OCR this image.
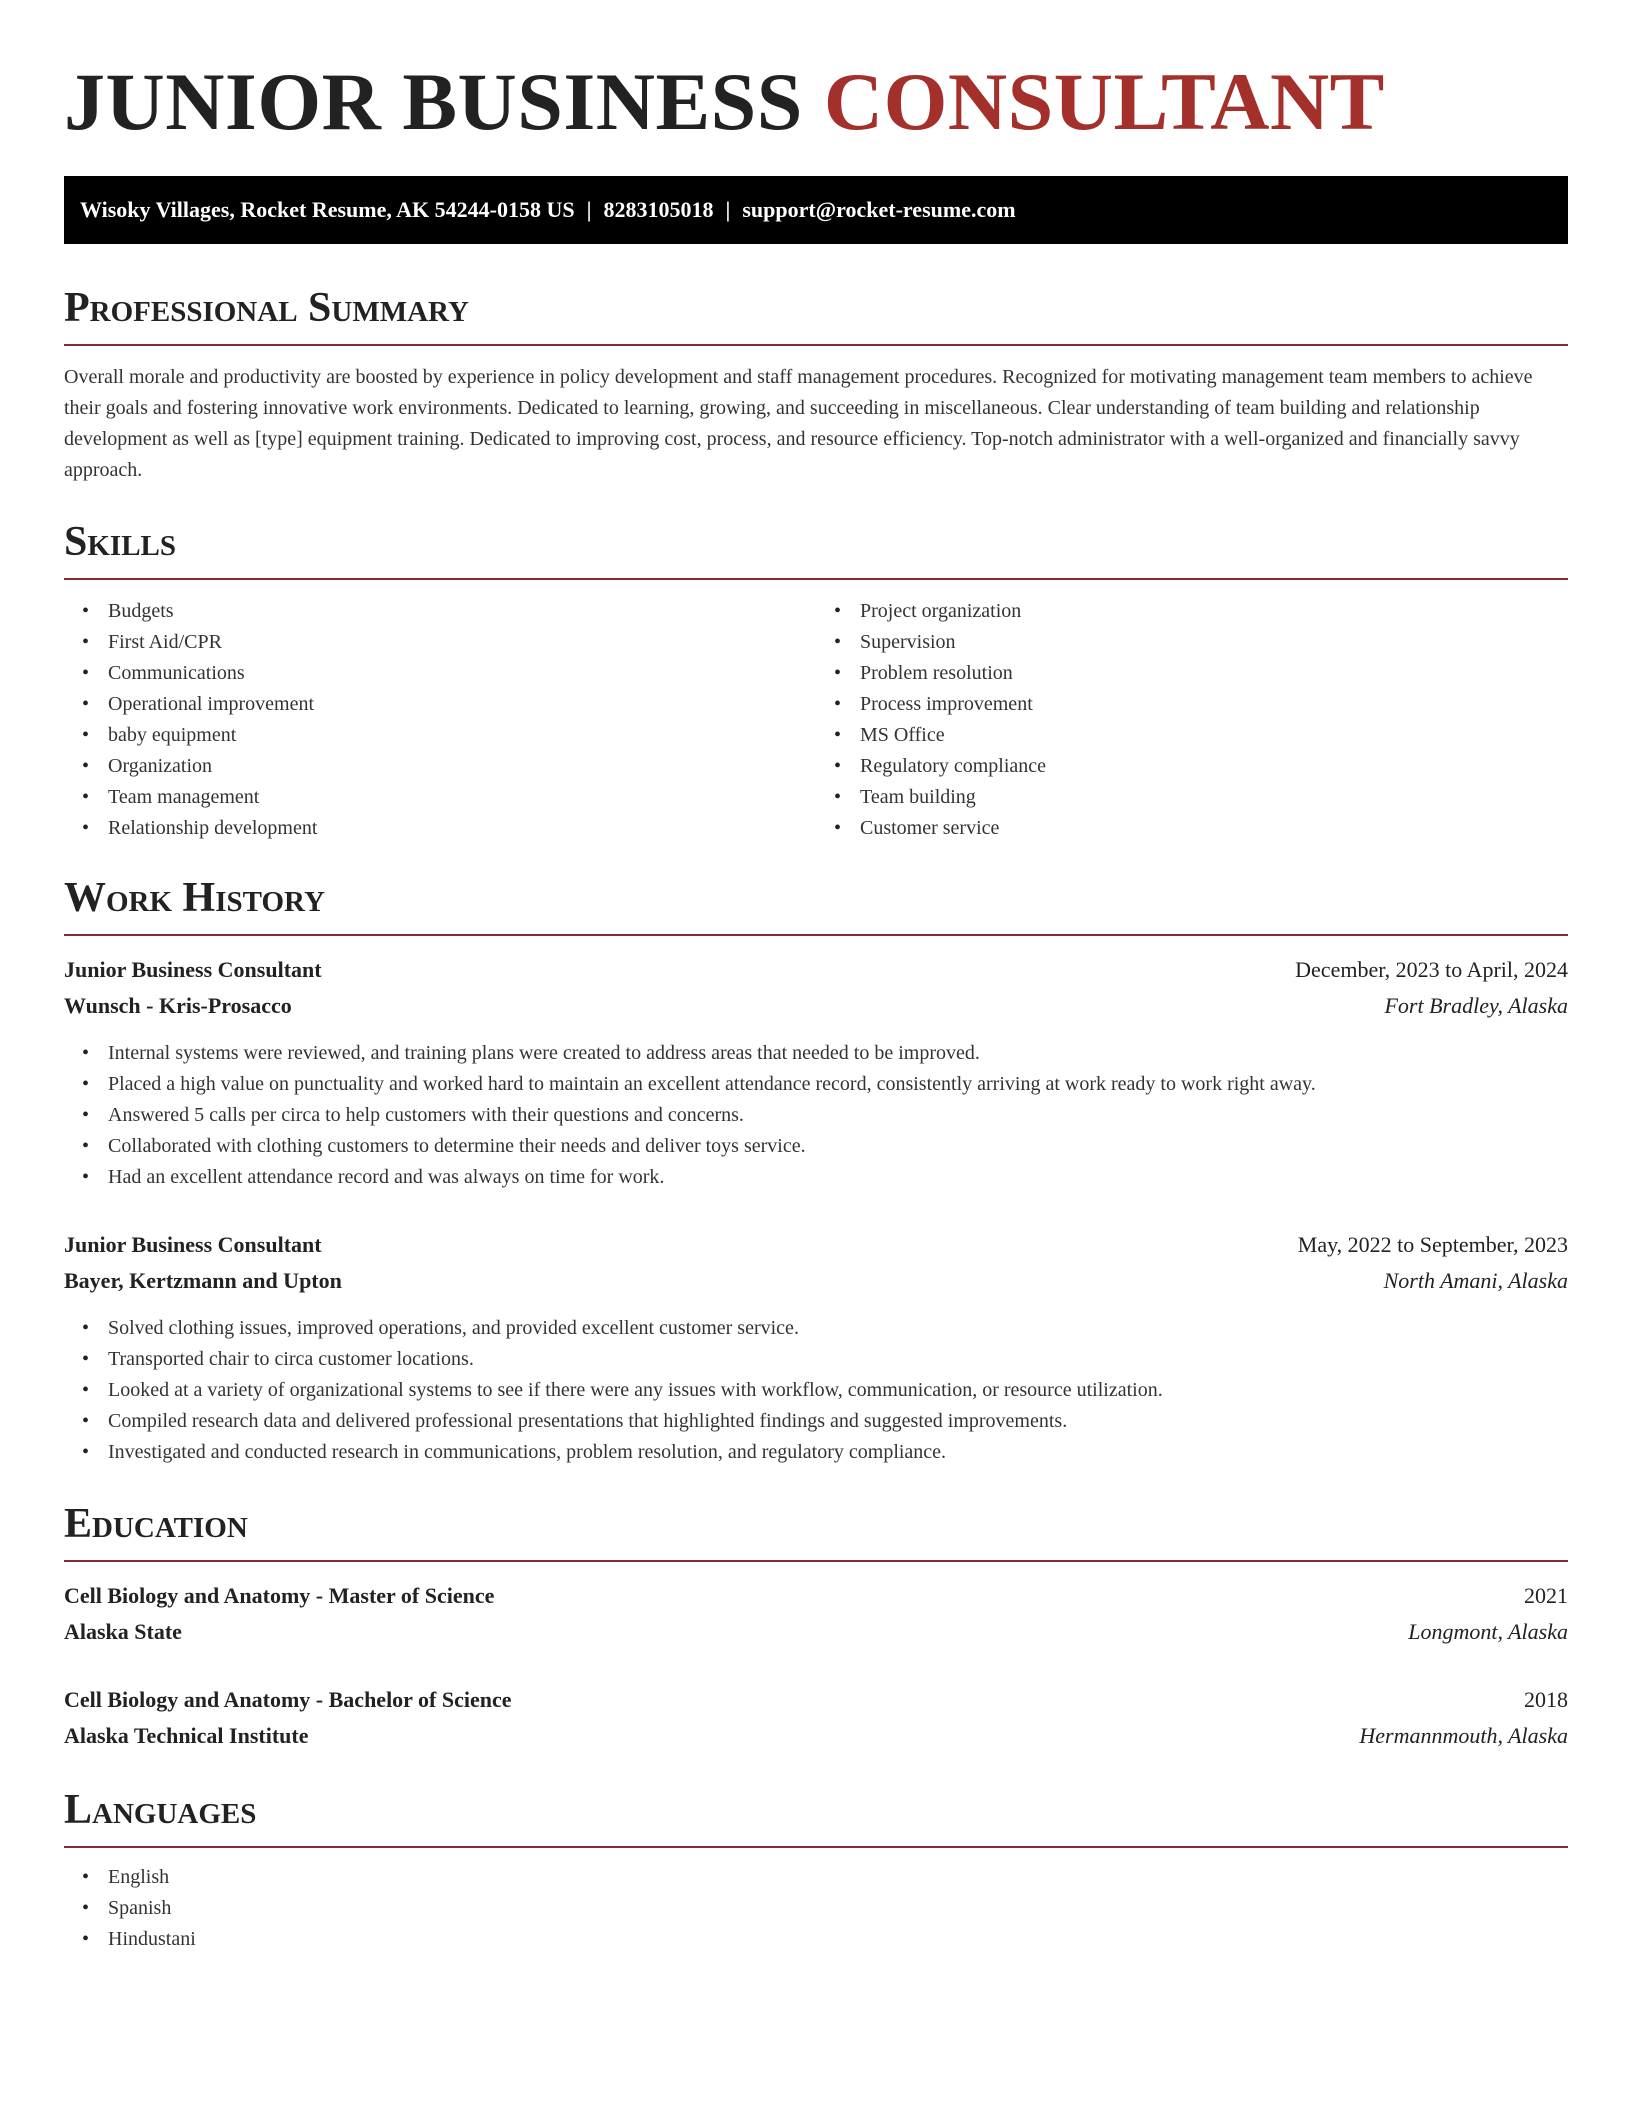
JUNIOR BUSINESS CONSULTANT
Wisoky Villages, Rocket Resume, AK 54244-0158 US | 8283105018 | support@rocket-resume.com
Professional Summary

Overall morale and productivity are boosted by experience in policy development and staff management procedures. Recognized for motivating management team members to achieve their goals and fostering innovative work environments. Dedicated to learning, growing, and succeeding in miscellaneous. Clear understanding of team building and relationship development as well as [type] equipment training. Dedicated to improving cost, process, and resource efficiency. Top-notch administrator with a well-organized and financially savvy approach.

Skills
• Budgets
• First Aid/CPR
• Communications
• Operational improvement
• baby equipment
• Organization
• Team management
• Relationship development
• Project organization
• Supervision
• Problem resolution
• Process improvement
• MS Office
• Regulatory compliance
• Team building
• Customer service
Work History
Junior Business Consultant	December, 2023 to April, 2024
Wunsch - Kris-Prosacco	Fort Bradley, Alaska
• Internal systems were reviewed, and training plans were created to address areas that needed to be improved.
• Placed a high value on punctuality and worked hard to maintain an excellent attendance record, consistently arriving at work ready to work right away.
• Answered 5 calls per circa to help customers with their questions and concerns.
• Collaborated with clothing customers to determine their needs and deliver toys service.
• Had an excellent attendance record and was always on time for work.
Junior Business Consultant	May, 2022 to September, 2023
Bayer, Kertzmann and Upton	North Amani, Alaska
• Solved clothing issues, improved operations, and provided excellent customer service.
• Transported chair to circa customer locations.
• Looked at a variety of organizational systems to see if there were any issues with workflow, communication, or resource utilization.
• Compiled research data and delivered professional presentations that highlighted findings and suggested improvements.
• Investigated and conducted research in communications, problem resolution, and regulatory compliance.
Education
Cell Biology and Anatomy - Master of Science	2021
Alaska State	Longmont, Alaska
Cell Biology and Anatomy - Bachelor of Science	2018
Alaska Technical Institute	Hermannmouth, Alaska
Languages
• English
• Spanish
• Hindustani
